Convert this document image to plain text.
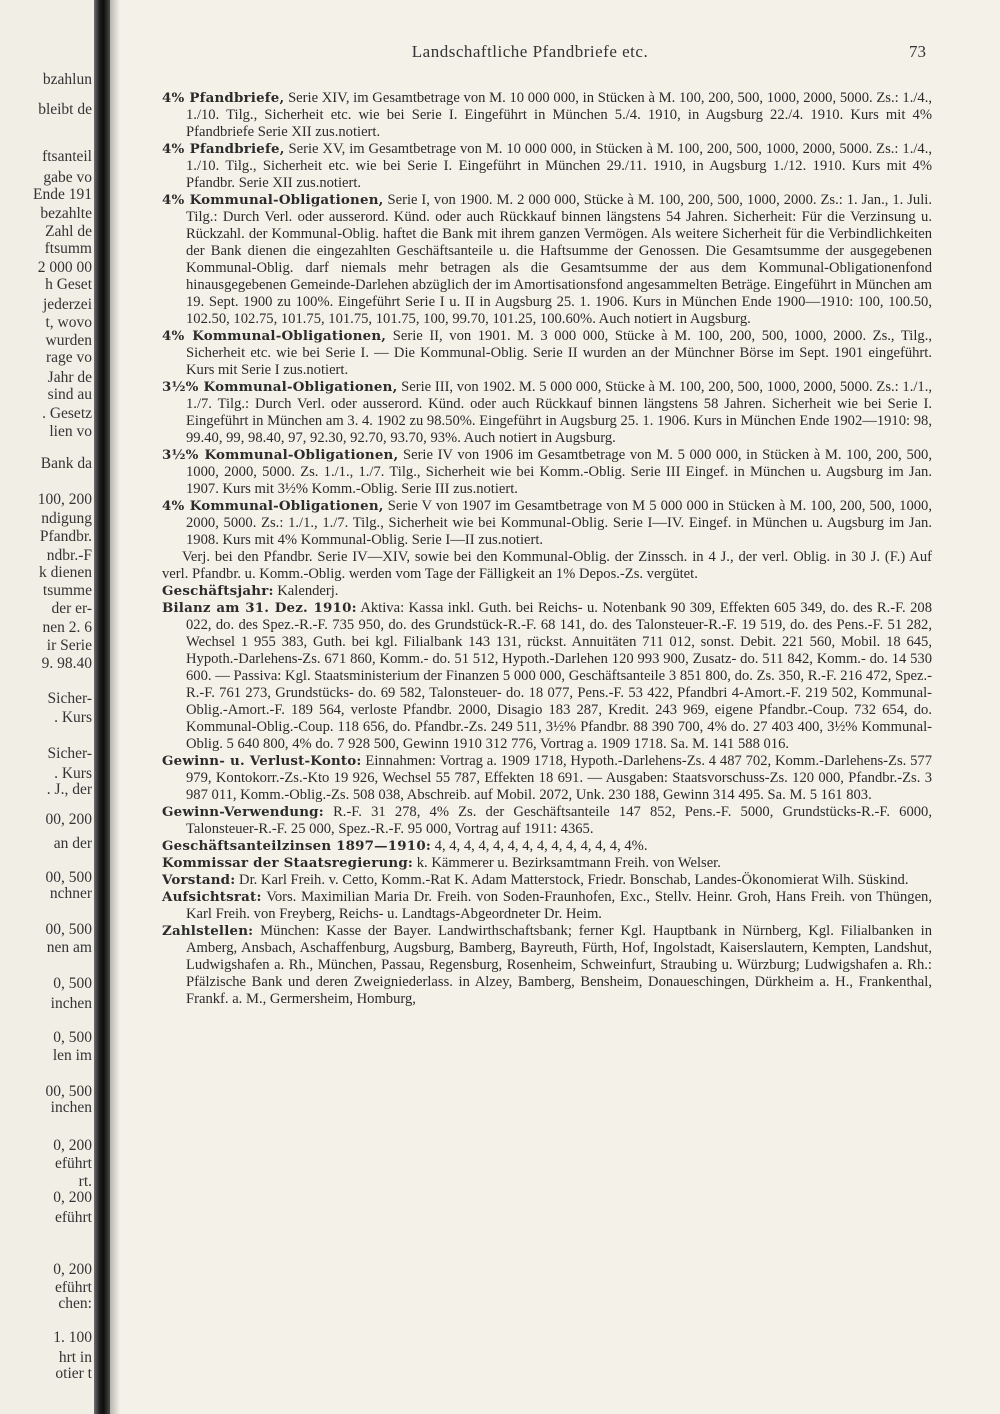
bzahlun
bleibt de
ftsanteil
gabe vo
Ende 191
bezahlte
Zahl de
ftsumm
2 000 00
h Geset
jederzei
t, wovo
wurden
rage vo
Jahr de
sind au
. Gesetz
lien vo
Bank da
100, 200
ndigung
Pfandbr.
ndbr.-F
k dienen
tsumme
der er-
nen 2. 6
ir Serie
9. 98.40
Sicher-
. Kurs
Sicher-
. Kurs
. J., der
00, 200
an der
00, 500
nchner
00, 500
nen am
0, 500
inchen
0, 500
len im
00, 500
inchen
0, 200
eführt
rt.
0, 200
eführt
0, 200
eführt
chen:
1. 100
hrt in
otier t
Landschaftliche Pfandbriefe etc.	73

4% Pfandbriefe, Serie XIV, im Gesamtbetrage von M. 10 000 000, in Stücken à M. 100, 200, 500, 1000, 2000, 5000. Zs.: 1./4., 1./10. Tilg., Sicherheit etc. wie bei Serie I. Eingeführt in München 5./4. 1910, in Augsburg 22./4. 1910. Kurs mit 4% Pfandbriefe Serie XII zus.notiert.

4% Pfandbriefe, Serie XV, im Gesamtbetrage von M. 10 000 000, in Stücken à M. 100, 200, 500, 1000, 2000, 5000. Zs.: 1./4., 1./10. Tilg., Sicherheit etc. wie bei Serie I. Eingeführt in München 29./11. 1910, in Augsburg 1./12. 1910. Kurs mit 4% Pfandbr. Serie XII zus.notiert.

4% Kommunal-Obligationen, Serie I, von 1900. M. 2 000 000, Stücke à M. 100, 200, 500, 1000, 2000. Zs.: 1. Jan., 1. Juli. Tilg.: Durch Verl. oder ausserord. Künd. oder auch Rückkauf binnen längstens 54 Jahren. Sicherheit: Für die Verzinsung u. Rückzahl. der Kommunal-Oblig. haftet die Bank mit ihrem ganzen Vermögen. Als weitere Sicherheit für die Verbindlichkeiten der Bank dienen die eingezahlten Geschäftsanteile u. die Haftsumme der Genossen. Die Gesamtsumme der ausgegebenen Kommunal-Oblig. darf niemals mehr betragen als die Gesamtsumme der aus dem Kommunal-Obligationenfond hinausgegebenen Gemeinde-Darlehen abzüglich der im Amortisationsfond angesammelten Beträge. Eingeführt in München am 19. Sept. 1900 zu 100%. Eingeführt Serie I u. II in Augsburg 25. 1. 1906. Kurs in München Ende 1900—1910: 100, 100.50, 102.50, 102.75, 101.75, 101.75, 101.75, 100, 99.70, 101.25, 100.60%. Auch notiert in Augsburg.

4% Kommunal-Obligationen, Serie II, von 1901. M. 3 000 000, Stücke à M. 100, 200, 500, 1000, 2000. Zs., Tilg., Sicherheit etc. wie bei Serie I. — Die Kommunal-Oblig. Serie II wurden an der Münchner Börse im Sept. 1901 eingeführt. Kurs mit Serie I zus.notiert.

3½% Kommunal-Obligationen, Serie III, von 1902. M. 5 000 000, Stücke à M. 100, 200, 500, 1000, 2000, 5000. Zs.: 1./1., 1./7. Tilg.: Durch Verl. oder ausserord. Künd. oder auch Rückkauf binnen längstens 58 Jahren. Sicherheit wie bei Serie I. Eingeführt in München am 3. 4. 1902 zu 98.50%. Eingeführt in Augsburg 25. 1. 1906. Kurs in München Ende 1902—1910: 98, 99.40, 99, 98.40, 97, 92.30, 92.70, 93.70, 93%. Auch notiert in Augsburg.

3½% Kommunal-Obligationen, Serie IV von 1906 im Gesamtbetrage von M. 5 000 000, in Stücken à M. 100, 200, 500, 1000, 2000, 5000. Zs. 1./1., 1./7. Tilg., Sicherheit wie bei Komm.-Oblig. Serie III Eingef. in München u. Augsburg im Jan. 1907. Kurs mit 3½% Komm.-Oblig. Serie III zus.notiert.

4% Kommunal-Obligationen, Serie V von 1907 im Gesamtbetrage von M 5 000 000 in Stücken à M. 100, 200, 500, 1000, 2000, 5000. Zs.: 1./1., 1./7. Tilg., Sicherheit wie bei Kommunal-Oblig. Serie I—IV. Eingef. in München u. Augsburg im Jan. 1908. Kurs mit 4% Kommunal-Oblig. Serie I—II zus.notiert.

Verj. bei den Pfandbr. Serie IV—XIV, sowie bei den Kommunal-Oblig. der Zinssch. in 4 J., der verl. Oblig. in 30 J. (F.) Auf verl. Pfandbr. u. Komm.-Oblig. werden vom Tage der Fälligkeit an 1% Depos.-Zs. vergütet.

Geschäftsjahr: Kalenderj.

Bilanz am 31. Dez. 1910: Aktiva: Kassa inkl. Guth. bei Reichs- u. Notenbank 90 309, Effekten 605 349, do. des R.-F. 208 022, do. des Spez.-R.-F. 735 950, do. des Grundstück-R.-F. 68 141, do. des Talonsteuer-R.-F. 19 519, do. des Pens.-F. 51 282, Wechsel 1 955 383, Guth. bei kgl. Filialbank 143 131, rückst. Annuitäten 711 012, sonst. Debit. 221 560, Mobil. 18 645, Hypoth.-Darlehens-Zs. 671 860, Komm.- do. 51 512, Hypoth.-Darlehen 120 993 900, Zusatz- do. 511 842, Komm.- do. 14 530 600. — Passiva: Kgl. Staatsministerium der Finanzen 5 000 000, Geschäftsanteile 3 851 800, do. Zs. 350, R.-F. 216 472, Spez.-R.-F. 761 273, Grundstücks- do. 69 582, Talonsteuer- do. 18 077, Pens.-F. 53 422, Pfandbri 4-Amort.-F. 219 502, Kommunal-Oblig.-Amort.-F. 189 564, verloste Pfandbr. 2000, Disagio 183 287, Kredit. 243 969, eigene Pfandbr.-Coup. 732 654, do. Kommunal-Oblig.-Coup. 118 656, do. Pfandbr.-Zs. 249 511, 3½% Pfandbr. 88 390 700, 4% do. 27 403 400, 3½% Kommunal-Oblig. 5 640 800, 4% do. 7 928 500, Gewinn 1910 312 776, Vortrag a. 1909 1718. Sa. M. 141 588 016.

Gewinn- u. Verlust-Konto: Einnahmen: Vortrag a. 1909 1718, Hypoth.-Darlehens-Zs. 4 487 702, Komm.-Darlehens-Zs. 577 979, Kontokorr.-Zs.-Kto 19 926, Wechsel 55 787, Effekten 18 691. — Ausgaben: Staatsvorschuss-Zs. 120 000, Pfandbr.-Zs. 3 987 011, Komm.-Oblig.-Zs. 508 038, Abschreib. auf Mobil. 2072, Unk. 230 188, Gewinn 314 495. Sa. M. 5 161 803.

Gewinn-Verwendung: R.-F. 31 278, 4% Zs. der Geschäftsanteile 147 852, Pens.-F. 5000, Grundstücks-R.-F. 6000, Talonsteuer-R.-F. 25 000, Spez.-R.-F. 95 000, Vortrag auf 1911: 4365.

Geschäftsanteilzinsen 1897—1910: 4, 4, 4, 4, 4, 4, 4, 4, 4, 4, 4, 4, 4, 4%.

Kommissar der Staatsregierung: k. Kämmerer u. Bezirksamtmann Freih. von Welser.

Vorstand: Dr. Karl Freih. v. Cetto, Komm.-Rat K. Adam Matterstock, Friedr. Bonschab, Landes-Ökonomierat Wilh. Süskind.

Aufsichtsrat: Vors. Maximilian Maria Dr. Freih. von Soden-Fraunhofen, Exc., Stellv. Heinr. Groh, Hans Freih. von Thüngen, Karl Freih. von Freyberg, Reichs- u. Landtags-Abgeordneter Dr. Heim.

Zahlstellen: München: Kasse der Bayer. Landwirthschaftsbank; ferner Kgl. Hauptbank in Nürnberg, Kgl. Filialbanken in Amberg, Ansbach, Aschaffenburg, Augsburg, Bamberg, Bayreuth, Fürth, Hof, Ingolstadt, Kaiserslautern, Kempten, Landshut, Ludwigshafen a. Rh., München, Passau, Regensburg, Rosenheim, Schweinfurt, Straubing u. Würzburg; Ludwigshafen a. Rh.: Pfälzische Bank und deren Zweigniederlass. in Alzey, Bamberg, Bensheim, Donaueschingen, Dürkheim a. H., Frankenthal, Frankf. a. M., Germersheim, Homburg,
